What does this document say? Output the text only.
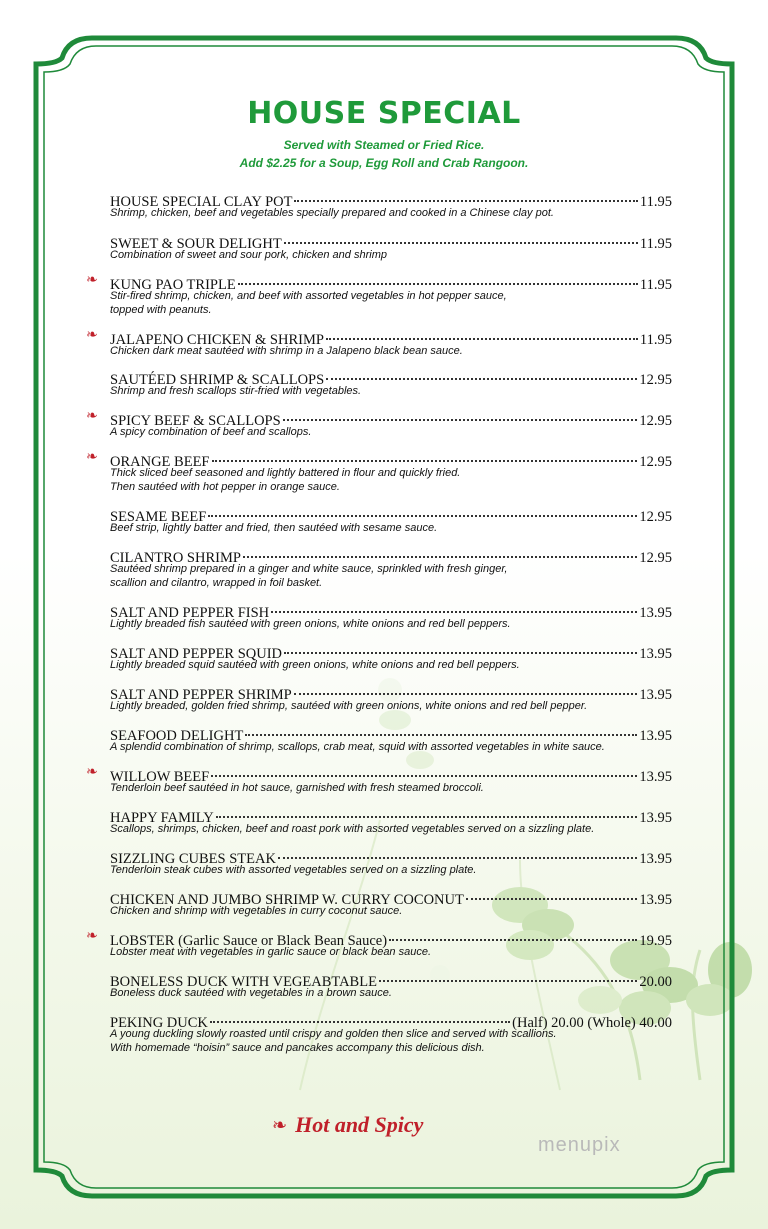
HOUSE SPECIAL
Served with Steamed or Fried Rice.
Add $2.25 for a Soup, Egg Roll and Crab Rangoon.
HOUSE SPECIAL CLAY POT	11.95

Shrimp, chicken, beef and vegetables specially prepared and cooked in a Chinese clay pot.

SWEET & SOUR DELIGHT	11.95

Combination of sweet and sour pork, chicken and shrimp

KUNG PAO TRIPLE	11.95

Stir-fired shrimp, chicken, and beef with assorted vegetables in hot pepper sauce,
topped with peanuts.

❧
JALAPENO CHICKEN & SHRIMP	11.95

Chicken dark meat sautéed with shrimp in a Jalapeno black bean sauce.

❧
SAUTÉED SHRIMP & SCALLOPS	12.95

Shrimp and fresh scallops stir-fried with vegetables.

SPICY BEEF & SCALLOPS	12.95

A spicy combination of beef and scallops.

❧
ORANGE BEEF	12.95

Thick sliced beef seasoned and lightly battered in flour and quickly fried.
Then sautéed with hot pepper in orange sauce.

❧
SESAME BEEF	12.95

Beef strip, lightly batter and fried, then sautéed with sesame sauce.

CILANTRO SHRIMP	12.95

Sautéed shrimp prepared in a ginger and white sauce, sprinkled with fresh ginger,
scallion and cilantro, wrapped in foil basket.

SALT AND PEPPER FISH	13.95

Lightly breaded fish sautéed with green onions, white onions and red bell peppers.

SALT AND PEPPER SQUID	13.95

Lightly breaded squid sautéed with green onions, white onions and red bell peppers.

SALT AND PEPPER SHRIMP	13.95

Lightly breaded, golden fried shrimp, sautéed with green onions, white onions and red bell pepper.

SEAFOOD DELIGHT	13.95

A splendid combination of shrimp, scallops, crab meat, squid with assorted vegetables in white sauce.

WILLOW BEEF	13.95

Tenderloin beef sautéed in hot sauce, garnished with fresh steamed broccoli.

❧
HAPPY FAMILY	13.95

Scallops, shrimps, chicken, beef and roast pork with assorted vegetables served on a sizzling plate.

SIZZLING CUBES STEAK	13.95

Tenderloin steak cubes with assorted vegetables served on a sizzling plate.

CHICKEN AND JUMBO SHRIMP W. CURRY COCONUT	13.95

Chicken and shrimp with vegetables in curry coconut sauce.

LOBSTER (Garlic Sauce or Black Bean Sauce)	19.95

Lobster meat with vegetables in garlic sauce or black bean sauce.

❧
BONELESS DUCK WITH VEGEABTABLE	20.00

Boneless duck sautéed with vegetables in a brown sauce.

PEKING DUCK	(Half) 20.00 (Whole) 40.00

A young duckling slowly roasted until crispy and golden then slice and served with scallions.
With homemade “hoisin” sauce and pancakes accompany this delicious dish.

❧ Hot and Spicy
menupix
